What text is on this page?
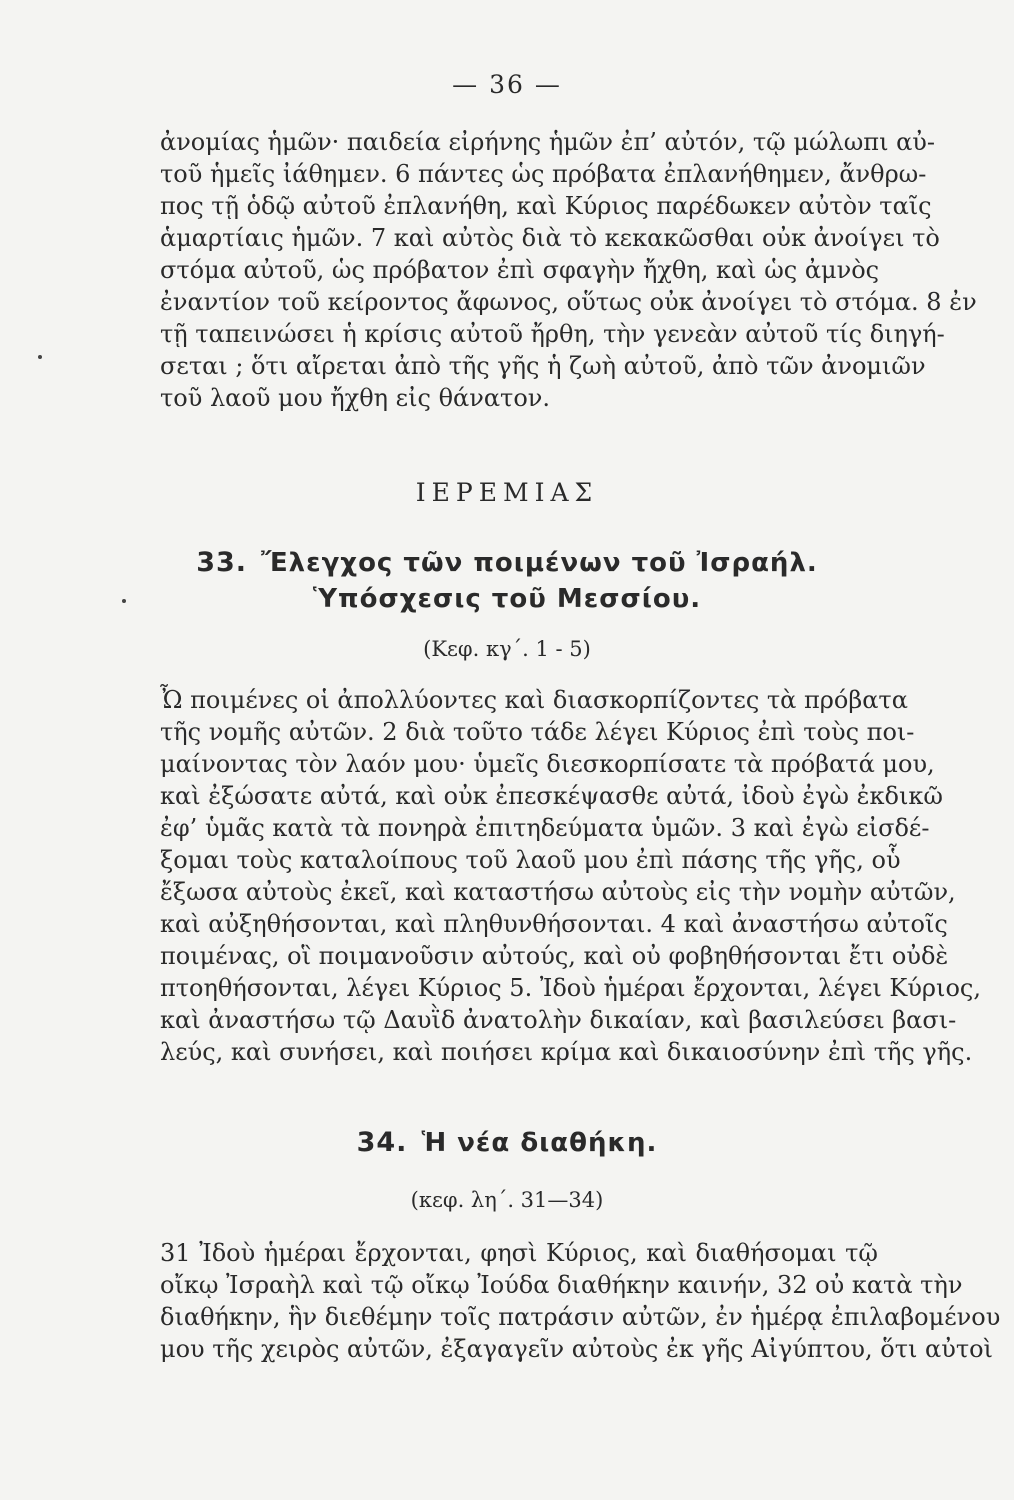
— 36 —
ἀνομίας ἡμῶν· παιδεία εἰρήνης ἡμῶν ἐπ’ αὐτόν, τῷ μώλωπι αὐ-
τοῦ ἡμεῖς ἰάθημεν. 6 πάντες ὡς πρόβατα ἐπλανήθημεν, ἄνθρω-
πος τῇ ὁδῷ αὐτοῦ ἐπλανήθη, καὶ Κύριος παρέδωκεν αὐτὸν ταῖς
ἁμαρτίαις ἡμῶν. 7 καὶ αὐτὸς διὰ τὸ κεκακῶσθαι οὐκ ἀνοίγει τὸ
στόμα αὐτοῦ, ὡς πρόβατον ἐπὶ σφαγὴν ἤχθη, καὶ ὡς ἀμνὸς
ἐναντίον τοῦ κείροντος ἄφωνος, οὕτως οὐκ ἀνοίγει τὸ στόμα. 8 ἐν
τῇ ταπεινώσει ἡ κρίσις αὐτοῦ ἤρθη, τὴν γενεὰν αὐτοῦ τίς διηγή-
σεται ; ὅτι αἴρεται ἀπὸ τῆς γῆς ἡ ζωὴ αὐτοῦ, ἀπὸ τῶν ἀνομιῶν
τοῦ λαοῦ μου ἤχθη εἰς θάνατον.
ΙΕΡΕΜΙΑΣ
33. Ἔλεγχος τῶν ποιμένων τοῦ Ἰσραήλ.
Ὑπόσχεσις τοῦ Μεσσίου.
(Κεφ. κγ΄. 1 - 5)
Ὦ ποιμένες οἱ ἀπολλύοντες καὶ διασκορπίζοντες τὰ πρόβατα
τῆς νομῆς αὐτῶν. 2 διὰ τοῦτο τάδε λέγει Κύριος ἐπὶ τοὺς ποι-
μαίνοντας τὸν λαόν μου· ὑμεῖς διεσκορπίσατε τὰ πρόβατά μου,
καὶ ἐξώσατε αὐτά, καὶ οὐκ ἐπεσκέψασθε αὐτά, ἰδοὺ ἐγὼ ἐκδικῶ
ἐφ’ ὑμᾶς κατὰ τὰ πονηρὰ ἐπιτηδεύματα ὑμῶν. 3 καὶ ἐγὼ εἰσδέ-
ξομαι τοὺς καταλοίπους τοῦ λαοῦ μου ἐπὶ πάσης τῆς γῆς, οὗ
ἔξωσα αὐτοὺς ἐκεῖ, καὶ καταστήσω αὐτοὺς εἰς τὴν νομὴν αὐτῶν,
καὶ αὐξηθήσονται, καὶ πληθυνθήσονται. 4 καὶ ἀναστήσω αὐτοῖς
ποιμένας, οἳ ποιμανοῦσιν αὐτούς, καὶ οὐ φοβηθήσονται ἔτι οὐδὲ
πτοηθήσονται, λέγει Κύριος 5. Ἰδοὺ ἡμέραι ἔρχονται, λέγει Κύριος,
καὶ ἀναστήσω τῷ Δαυῒδ ἀνατολὴν δικαίαν, καὶ βασιλεύσει βασι-
λεύς, καὶ συνήσει, καὶ ποιήσει κρίμα καὶ δικαιοσύνην ἐπὶ τῆς γῆς.
34. Ἡ νέα διαθήκη.
(κεφ. λη΄. 31—34)
31 Ἰδοὺ ἡμέραι ἔρχονται, φησὶ Κύριος, καὶ διαθήσομαι τῷ
οἴκῳ Ἰσραὴλ καὶ τῷ οἴκῳ Ἰούδα διαθήκην καινήν, 32 οὐ κατὰ τὴν
διαθήκην, ἣν διεθέμην τοῖς πατράσιν αὐτῶν, ἐν ἡμέρᾳ ἐπιλαβομένου
μου τῆς χειρὸς αὐτῶν, ἐξαγαγεῖν αὐτοὺς ἐκ γῆς Αἰγύπτου, ὅτι αὐτοὶ
